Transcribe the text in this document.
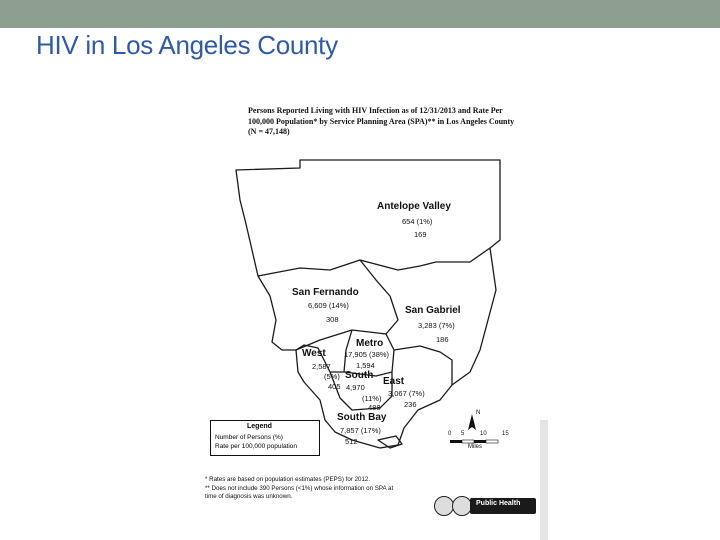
HIV in Los Angeles County
Persons Reported Living with HIV Infection as of 12/31/2013 and Rate Per 100,000 Population* by Service Planning Area (SPA)** in Los Angeles County (N = 47,148)
Antelope Valley
654 (1%)
169
San Fernando
6,609 (14%)
308
San Gabriel
3,283 (7%)
186
Metro
17,905 (38%)
1,594
West
2,587
(5%)
405
South
4,970
(11%)
488
East
3,067 (7%)
236
South Bay
7,857 (17%)
512
Legend
Number of Persons (%)
Rate per 100,000 population
N
0 5	10	15
Miles
* Rates are based on population estimates (PEPS) for 2012.
** Does not include 390 Persons (<1%) whose information on SPA at time of diagnosis was unknown.
Public Health
